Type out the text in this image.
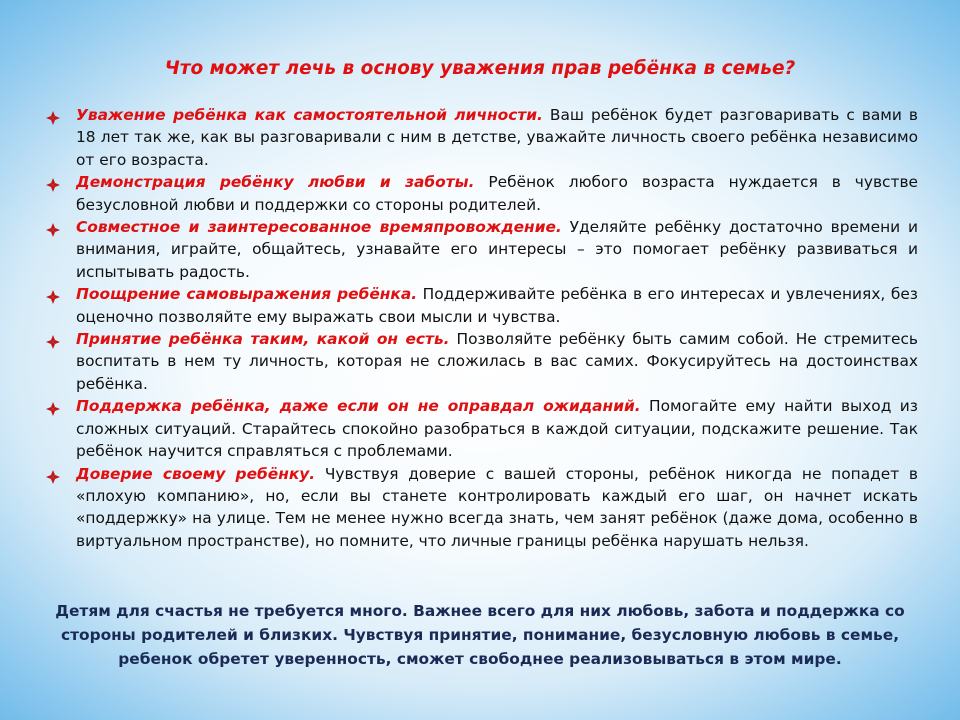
Что может лечь в основу уважения прав ребёнка в семье?
Уважение ребёнка как самостоятельной личности. Ваш ребёнок будет разговаривать с вами в 18 лет так же, как вы разговаривали с ним в детстве, уважайте личность своего ребёнка независимо от его возраста.
Демонстрация ребёнку любви и заботы. Ребёнок любого возраста нуждается в чувстве безусловной любви и поддержки со стороны родителей.
Совместное и заинтересованное времяпровождение. Уделяйте ребёнку достаточно времени и внимания, играйте, общайтесь, узнавайте его интересы – это помогает ребёнку развиваться и испытывать радость.
Поощрение самовыражения ребёнка. Поддерживайте ребёнка в его интересах и увлечениях, без оценочно позволяйте ему выражать свои мысли и чувства.
Принятие ребёнка таким, какой он есть. Позволяйте ребёнку быть самим собой. Не стремитесь воспитать в нем ту личность, которая не сложилась в вас самих. Фокусируйтесь на достоинствах ребёнка.
Поддержка ребёнка, даже если он не оправдал ожиданий. Помогайте ему найти выход из сложных ситуаций. Старайтесь спокойно разобраться в каждой ситуации, подскажите решение. Так ребёнок научится справляться с проблемами.
Доверие своему ребёнку. Чувствуя доверие с вашей стороны, ребёнок никогда не попадет в «плохую компанию», но, если вы станете контролировать каждый его шаг, он начнет искать «поддержку» на улице. Тем не менее нужно всегда знать, чем занят ребёнок (даже дома, особенно в виртуальном пространстве), но помните, что личные границы ребёнка нарушать нельзя.
Детям для счастья не требуется много. Важнее всего для них любовь, забота и поддержка со стороны родителей и близких. Чувствуя принятие, понимание, безусловную любовь в семье, ребенок обретет уверенность, сможет свободнее реализовываться в этом мире.
